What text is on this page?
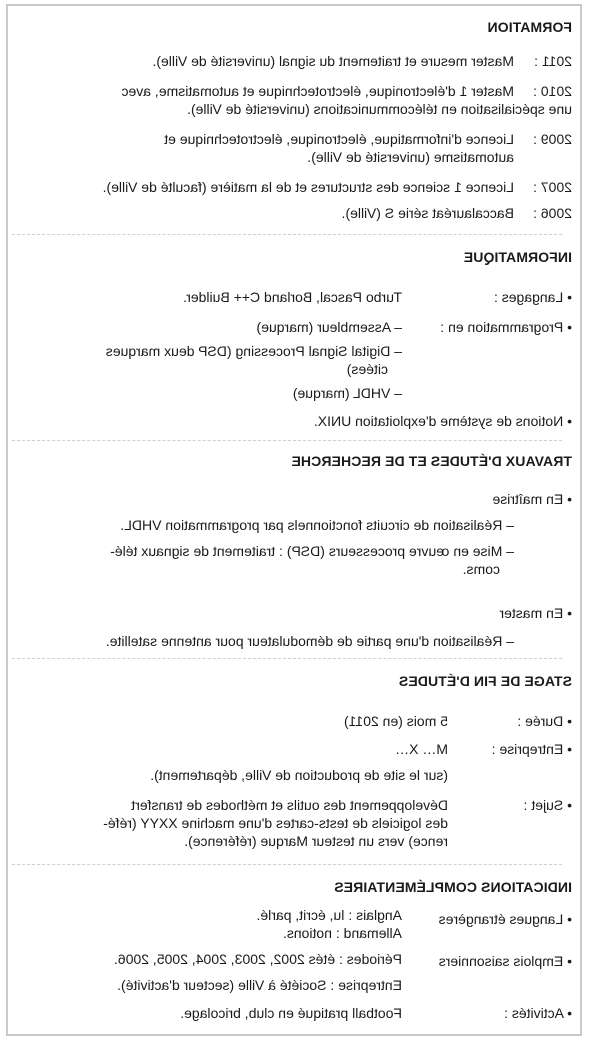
FORMATION
2011 :
Master mesure et traitement du signal (université de Ville).
2010 :
Master 1 d'électronique, électrotechnique et automatisme, avec
une spécialisation en télécommunications (université de Ville).
2009 :
Licence d'informatique, électronique, électrotechnique et
automatisme (université de Ville).
2007 :
Licence 1 science des structures et de la matière (faculté de Ville).
2006 :
Baccalauréat série S (Ville).
INFORMATIQUE
• Langages :
Turbo Pascal, Borland C++ Builder.
• Programmation en :
– Assembleur (marque)
– Digital Signal Processing (DSP deux marques
citées)
– VHDL (marque)
• Notions de système d'exploitation UNIX.
TRAVAUX D'ÉTUDES ET DE RECHERCHE
• En maîtrise
– Réalisation de circuits fonctionnels par programmation VHDL.
– Mise en œuvre processeurs (DSP) : traitement de signaux télé-
coms.
• En master
– Réalisation d'une partie de démodulateur pour antenne satellite.
STAGE DE FIN D'ÉTUDES
• Durée :
5 mois (en 2011)
• Entreprise :
M… X…
(sur le site de production de Ville, département).
• Sujet :
Développement des outils et méthodes de transfert
des logiciels de tests-cartes d'une machine XXYY (réfé-
rence) vers un testeur Marque (référence).
INDICATIONS COMPLÉMENTAIRES
• Langues étrangères
Anglais : lu, écrit, parlé.
Allemand : notions.
• Emplois saisonniers
Périodes : étés 2002, 2003, 2004, 2005, 2006.
Entreprise : Société à Ville (secteur d'activité).
• Activités :
Football pratiqué en club, bricolage.
